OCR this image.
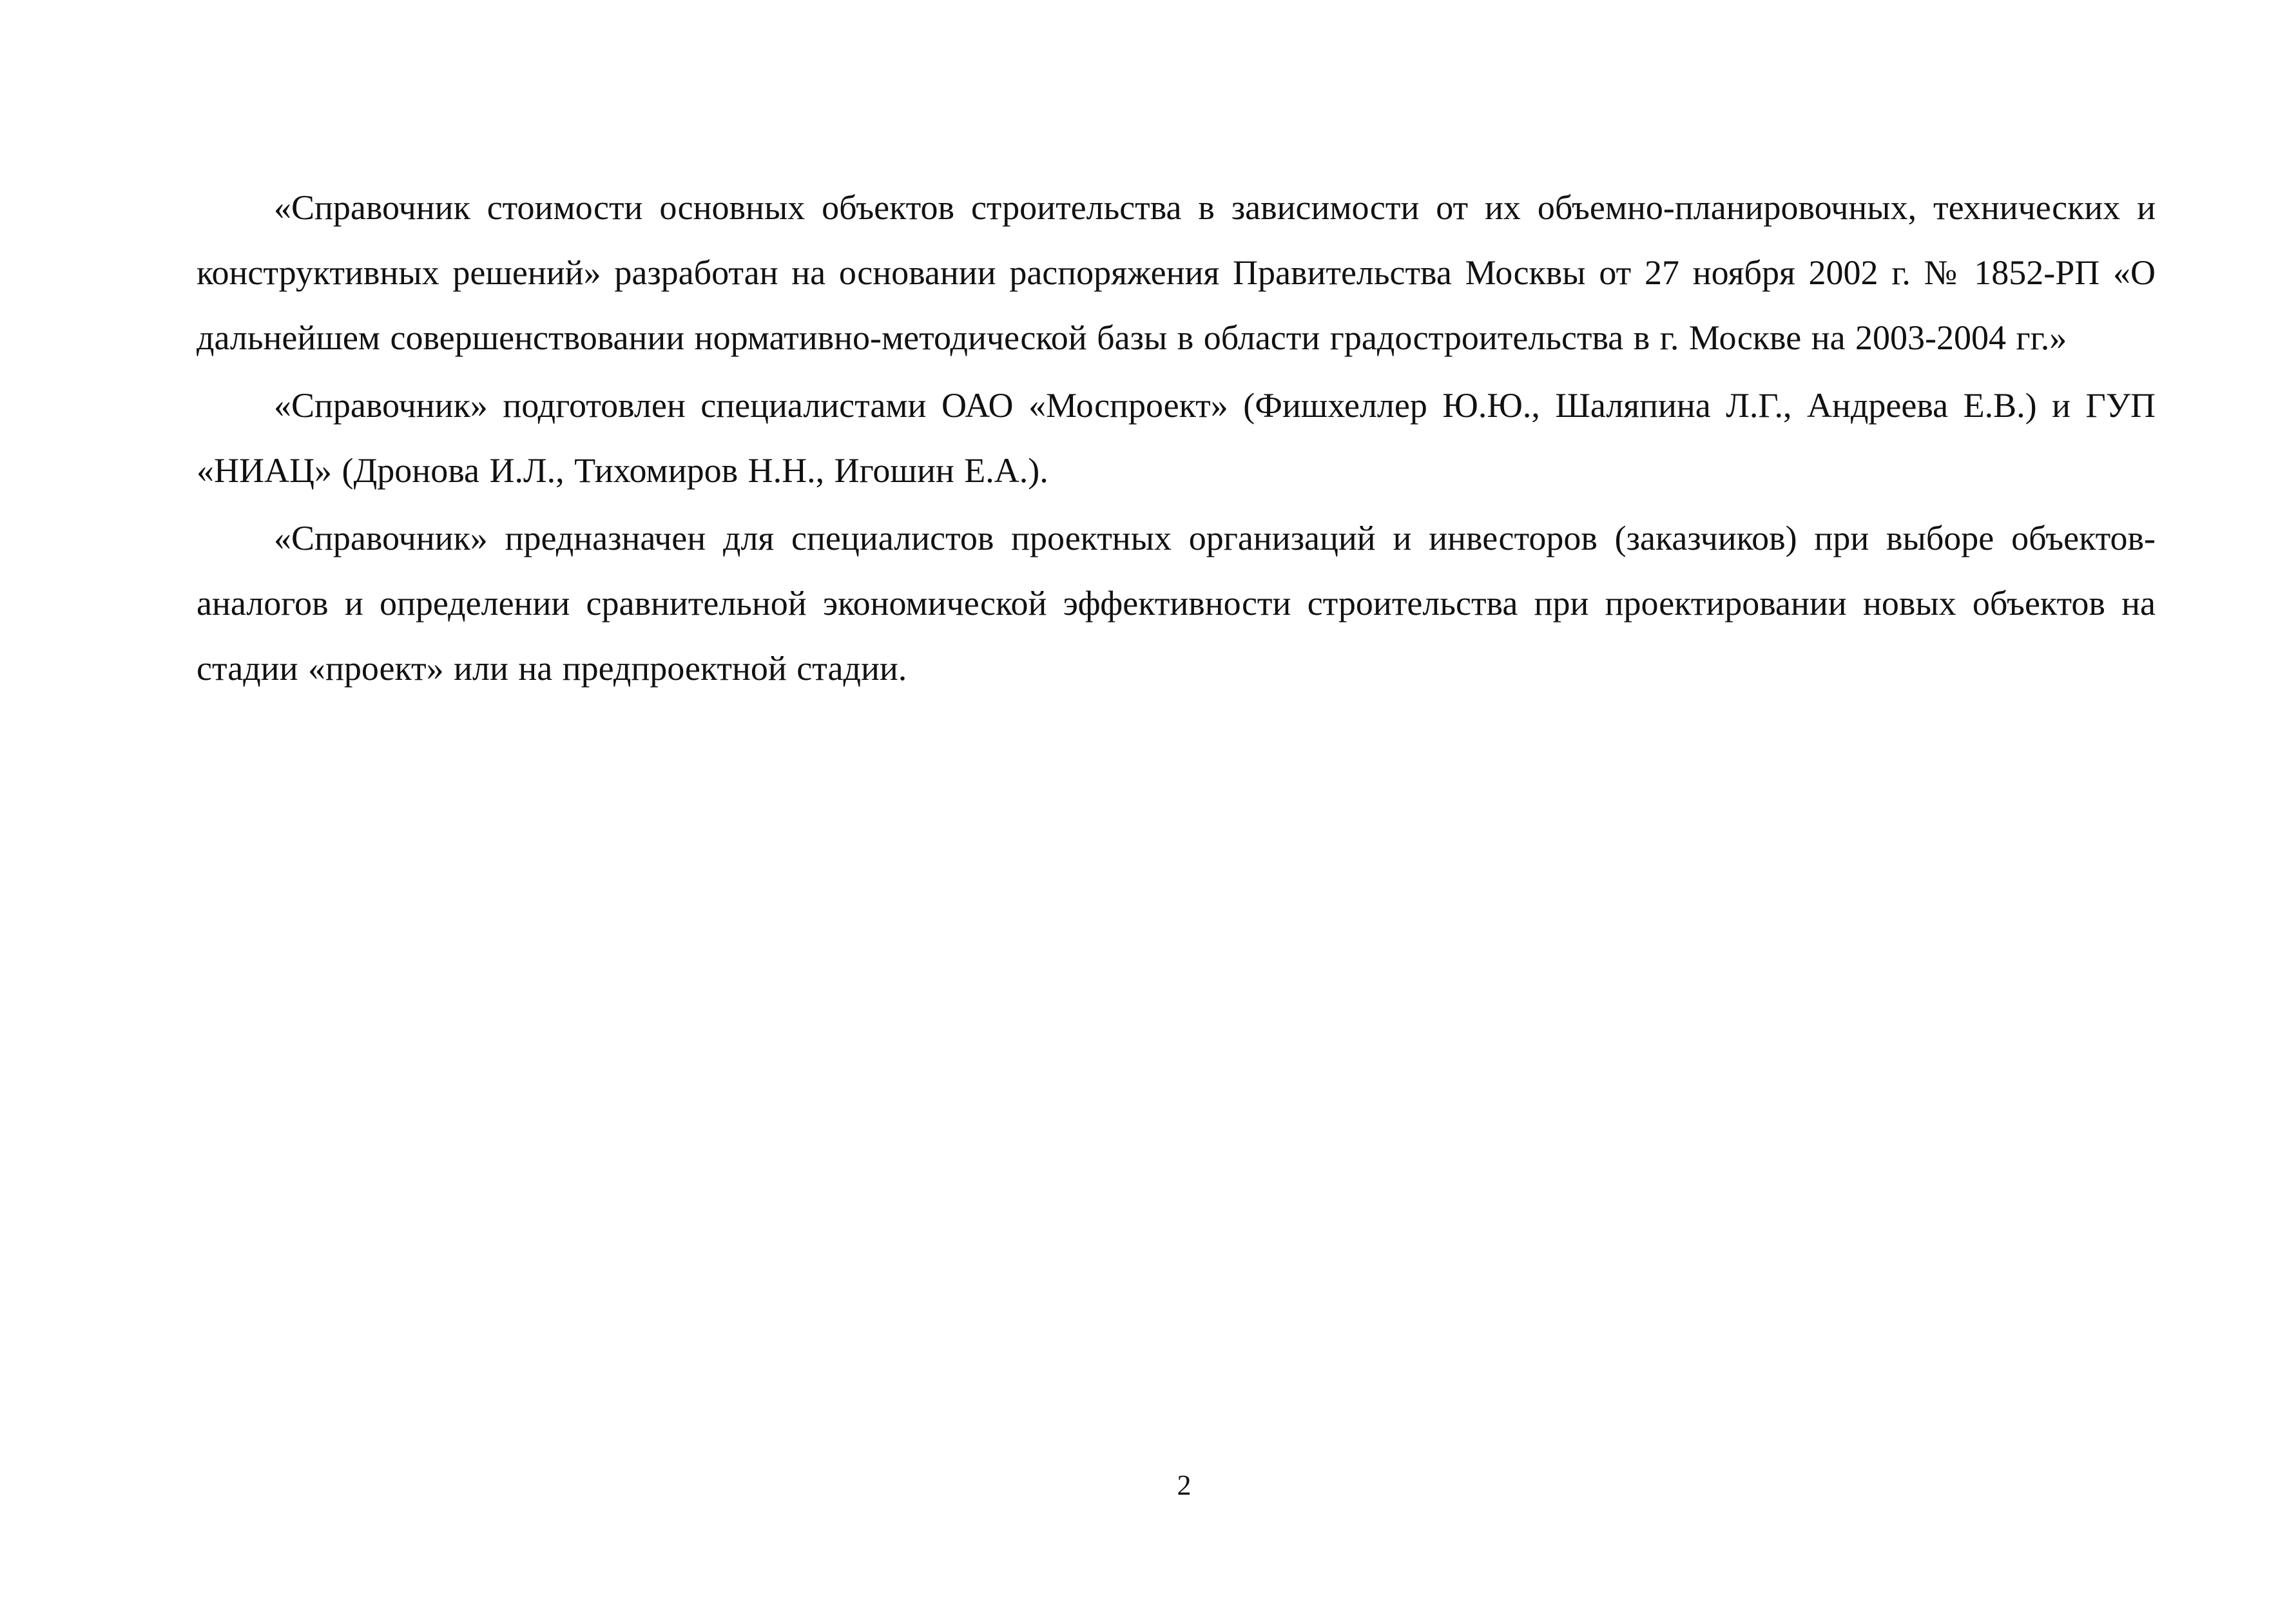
«Справочник стоимости основных объектов строительства в зависимости от их объемно-планировочных, технических и конструктивных решений» разработан на основании распоряжения Правительства Москвы от 27 ноября 2002 г. № 1852-РП «О дальнейшем совершенствовании нормативно-методической базы в области градостроительства в г. Москве на 2003-2004 гг.»

«Справочник» подготовлен специалистами ОАО «Моспроект» (Фишхеллер Ю.Ю., Шаляпина Л.Г., Андреева Е.В.) и ГУП «НИАЦ» (Дронова И.Л., Тихомиров Н.Н., Игошин Е.А.).

«Справочник» предназначен для специалистов проектных организаций и инвесторов (заказчиков) при выборе объектов-аналогов и определении сравнительной экономической эффективности строительства при проектировании новых объектов на стадии «проект» или на предпроектной стадии.

2
